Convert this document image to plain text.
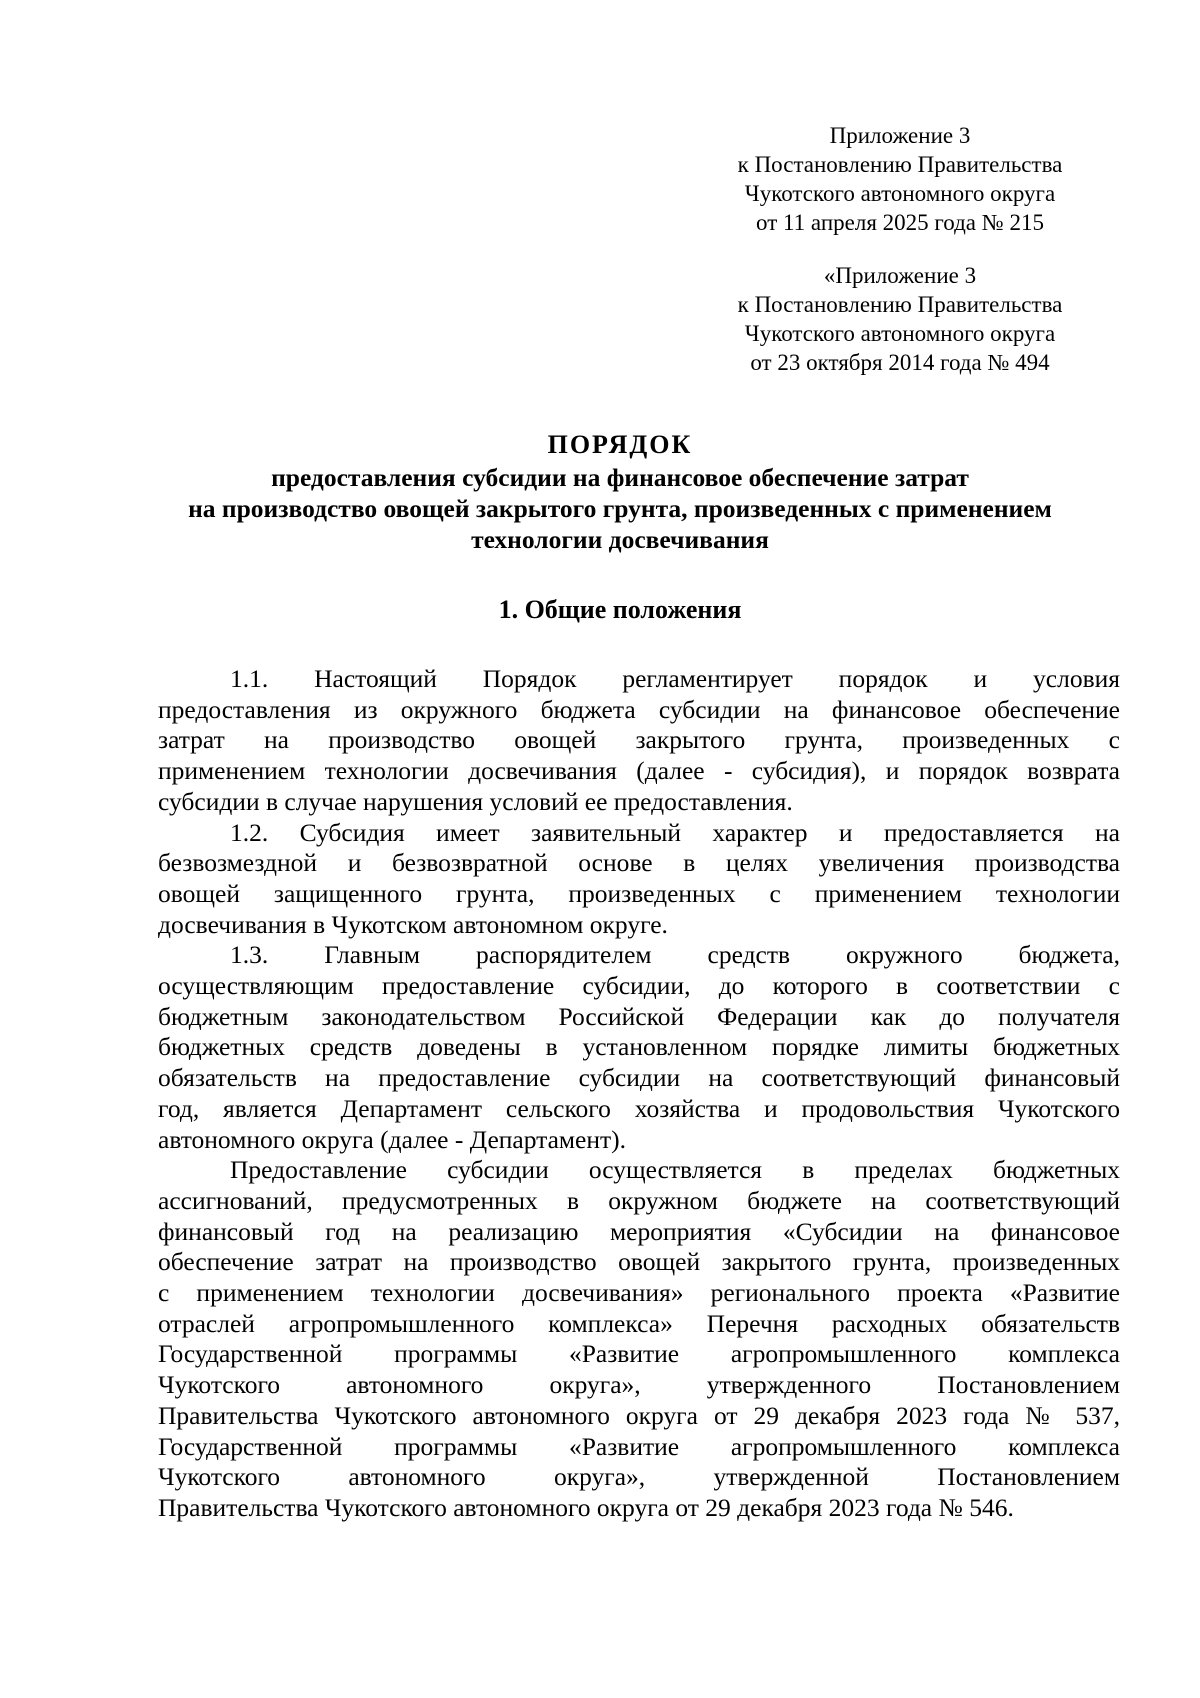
Приложение 3
к Постановлению Правительства
Чукотского автономного округа
от 11 апреля 2025 года № 215
«Приложение 3
к Постановлению Правительства
Чукотского автономного округа
от 23 октября 2014 года № 494
ПОРЯДОК

предоставления субсидии на финансовое обеспечение затрат
на производство овощей закрытого грунта, произведенных с применением
технологии досвечивания

1. Общие положения

1.1. Настоящий Порядок регламентирует порядок и условия
предоставления из окружного бюджета субсидии на финансовое обеспечение
затрат на производство овощей закрытого грунта, произведенных с
применением технологии досвечивания (далее - субсидия), и порядок возврата
субсидии в случае нарушения условий ее предоставления.

1.2. Субсидия имеет заявительный характер и предоставляется на
безвозмездной и безвозвратной основе в целях увеличения производства
овощей защищенного грунта, произведенных с применением технологии
досвечивания в Чукотском автономном округе.

1.3. Главным распорядителем средств окружного бюджета,
осуществляющим предоставление субсидии, до которого в соответствии с
бюджетным законодательством Российской Федерации как до получателя
бюджетных средств доведены в установленном порядке лимиты бюджетных
обязательств на предоставление субсидии на соответствующий финансовый
год, является Департамент сельского хозяйства и продовольствия Чукотского
автономного округа (далее - Департамент).

Предоставление субсидии осуществляется в пределах бюджетных
ассигнований, предусмотренных в окружном бюджете на соответствующий
финансовый год на реализацию мероприятия «Субсидии на финансовое
обеспечение затрат на производство овощей закрытого грунта, произведенных
с применением технологии досвечивания» регионального проекта «Развитие
отраслей агропромышленного комплекса» Перечня расходных обязательств
Государственной программы «Развитие агропромышленного комплекса
Чукотского автономного округа», утвержденного Постановлением
Правительства Чукотского автономного округа от 29 декабря 2023 года № 537,
Государственной программы «Развитие агропромышленного комплекса
Чукотского автономного округа», утвержденной Постановлением
Правительства Чукотского автономного округа от 29 декабря 2023 года № 546.
